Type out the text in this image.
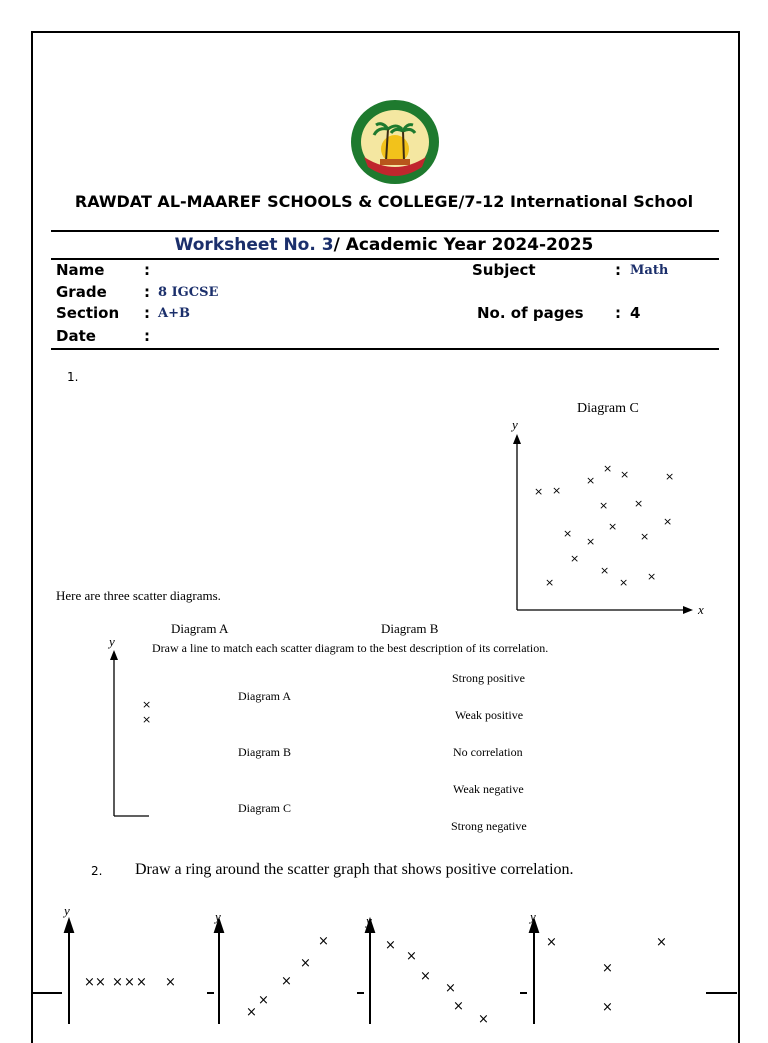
RAWDAT AL-MAAREF SCHOOLS & COLLEGE/7-12 International School
Worksheet No. 3/ Academic Year 2024-2025
Name	:
Grade : 8 IGCSE
Section : A+B
Date	:
Subject	: Math
No. of pages : 4
1.
Diagram C
y
x
× ×
×
× ×	×
× ×
×
×
×	×
×
×
×
×	× ×
Here are three scatter diagrams.
Diagram A	Diagram B
Draw a line to match each scatter diagram to the best description of its correlation.
y
×
×
Diagram A
Diagram B
Diagram C
Strong positive
Weak positive
No correlation
Weak negative
Strong negative
2. Draw a ring around the scatter graph that shows positive correlation.
y	y	y	y
× × × × × ×
×
×
×
×
×
×
×
×
×
×
×
×	×
×
×
